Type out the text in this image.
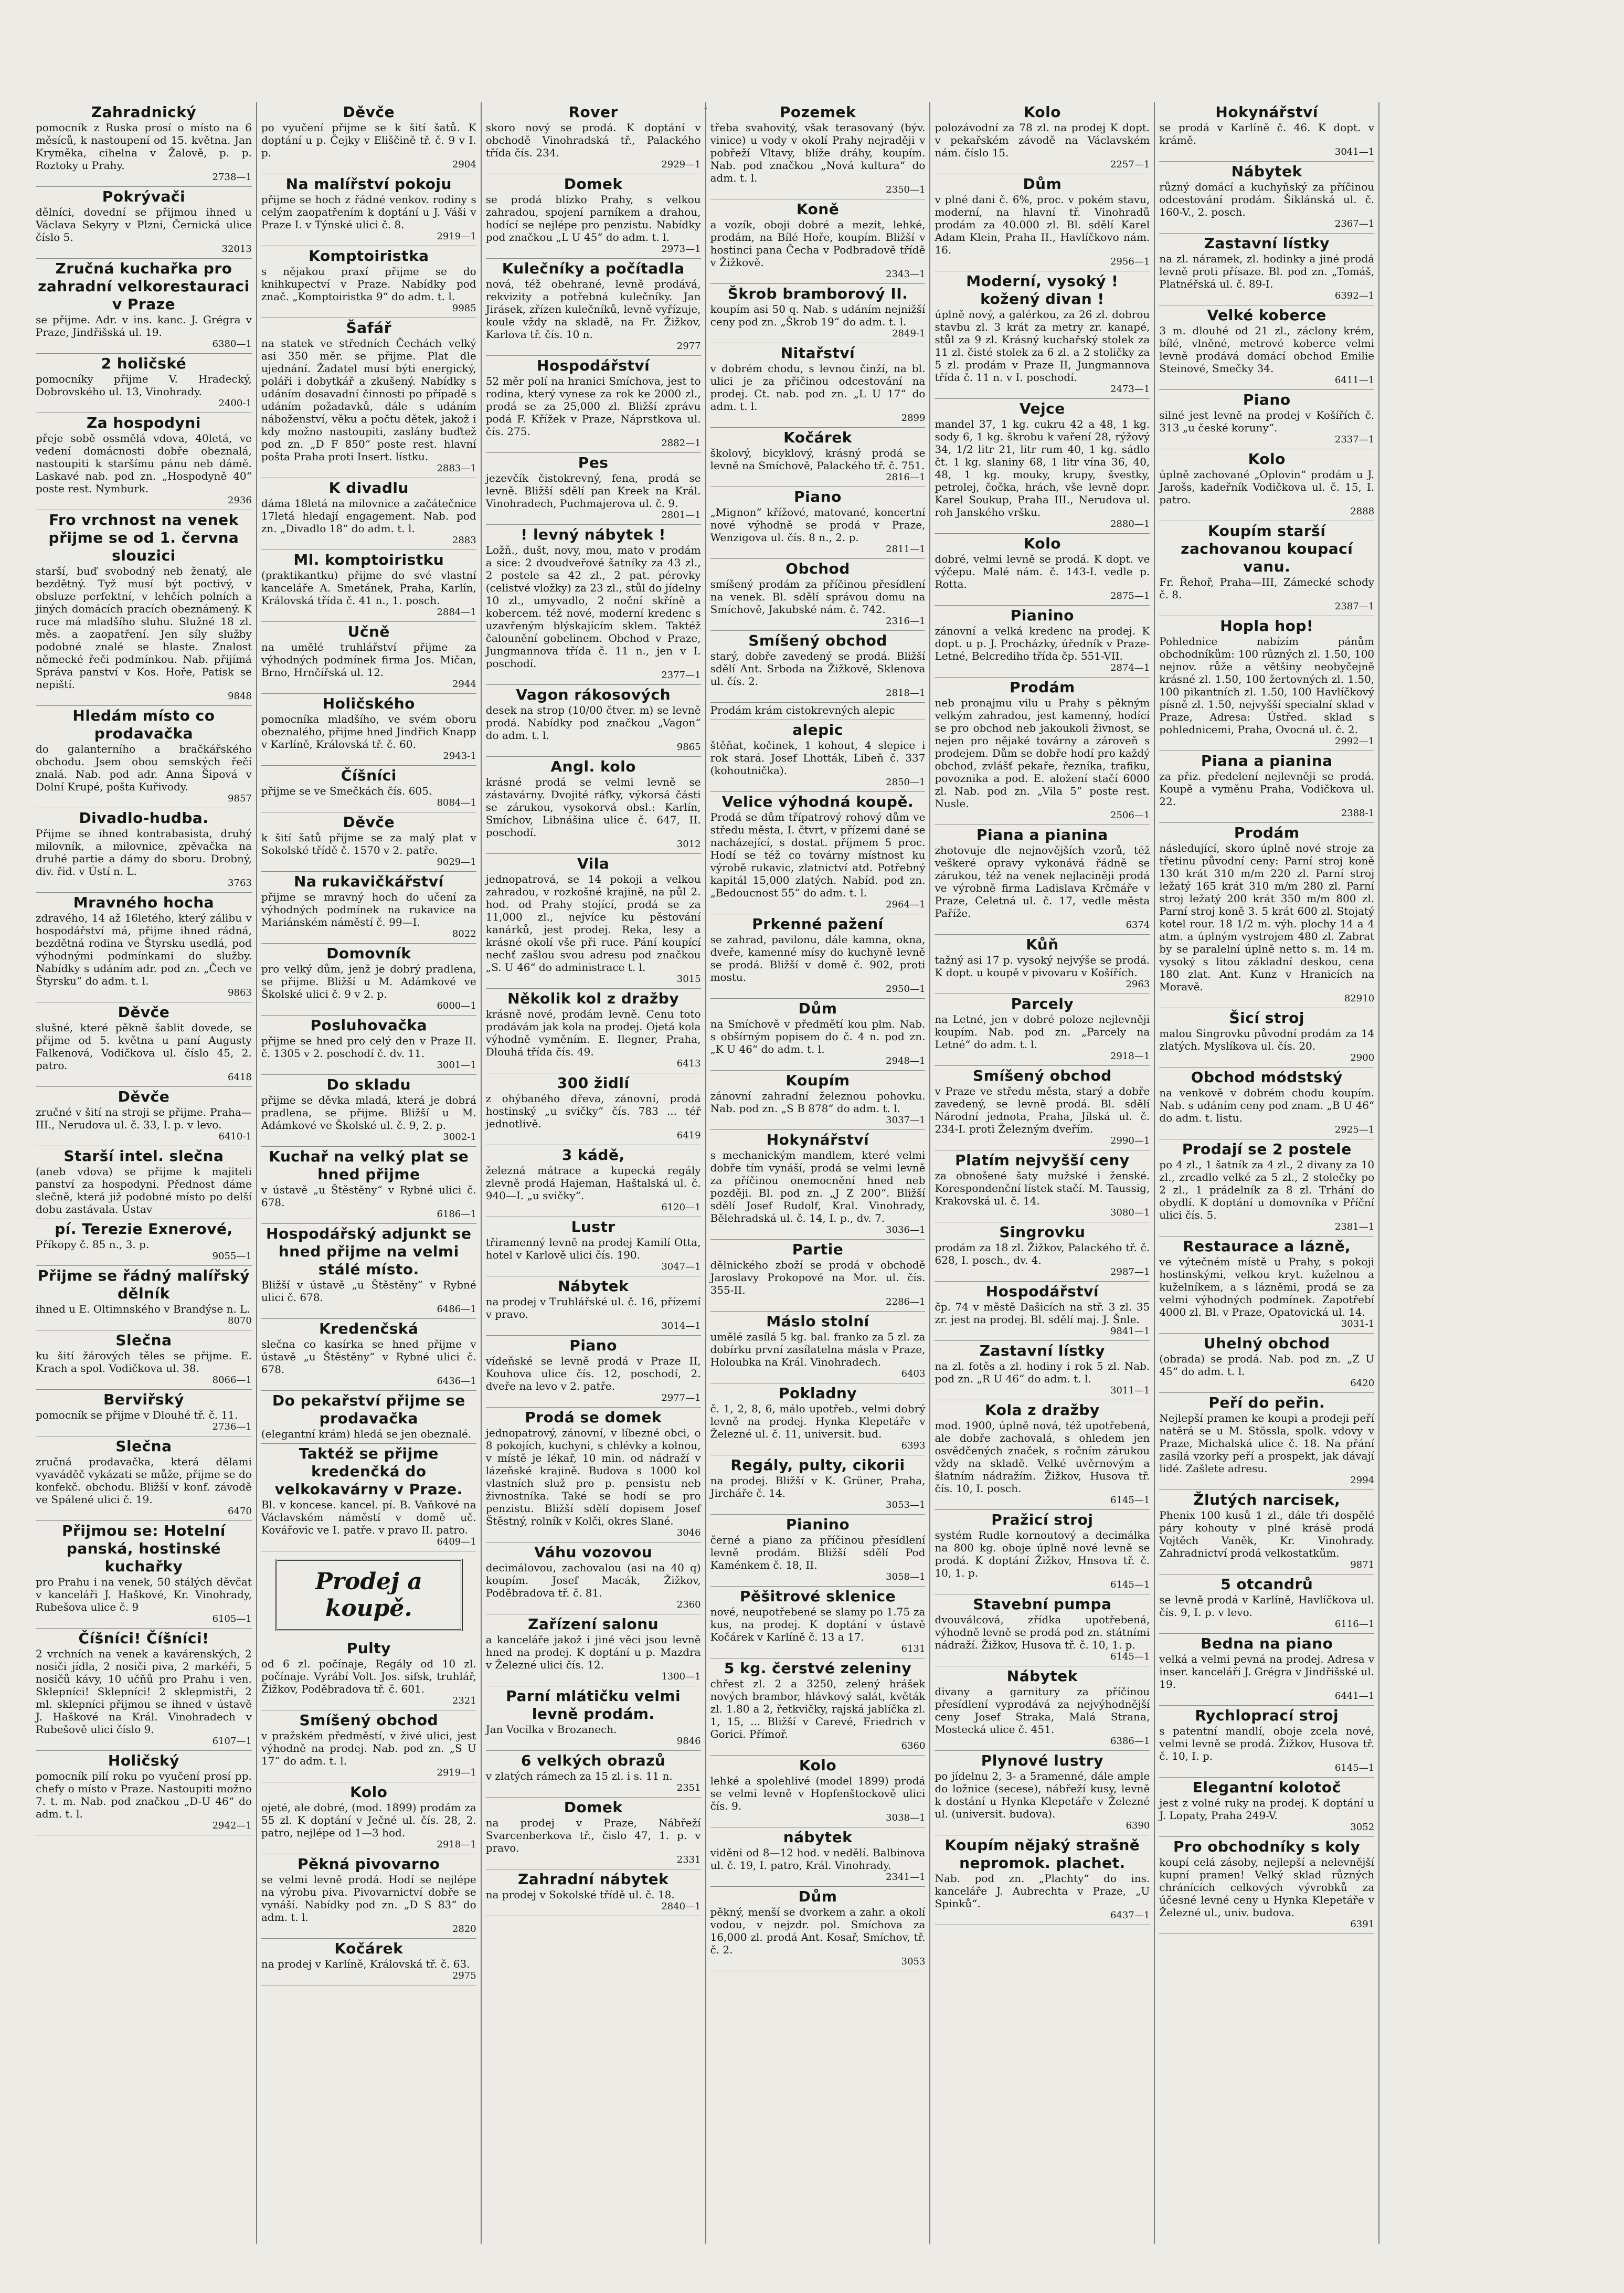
·
Zahradnický

pomocník z Ruska prosí o místo na 6 měsíců, k nastoupení od 15. května. Jan Kryměka, cihelna v Žalově, p. p. Roztoky u Prahy.

2738—1

Pokrývači

dělníci, dovední se přijmou ihned u Václava Sekyry v Plzni, Černická ulice číslo 5.

32013

Zručná kuchařka pro zahradní velkorestauraci v Praze

se přijme. Adr. v ins. kanc. J. Grégra v Praze, Jindřišská ul. 19.

6380—1

2 holičské

pomocníky přijme V. Hradecký, Dobrovského ul. 13, Vinohrady.

2400-1

Za hospodyni

přeje sobě ossmělá vdova, 40letá, ve vedení domácnosti dobře obeznalá, nastoupiti k staršímu pánu neb dámě. Laskavé nab. pod zn. „Hospodyně 40“ poste rest. Nymburk.

2936

Fro vrchnost na venek přijme se od 1. června slouzici

starší, buď svobodný neb ženatý, ale bezdětný. Tyž musí být poctivý, v obsluze perfektní, v lehčích polních a jiných domácích pracích obeznámený. K ruce má mladšího sluhu. Služné 18 zl. měs. a zaopatření. Jen síly služby podobné znalé se hlaste. Znalost německé řeči podmínkou. Nab. přijímá Správa panství v Kos. Hoře, Patisk se nepiští.

9848

Hledám místo co prodavačka

do galanterního a bračkářského obchodu. Jsem obou semských řečí znalá. Nab. pod adr. Anna Šipová v Dolní Krupé, pošta Kuřivody.

9857

Divadlo-hudba.

Přijme se ihned kontrabasista, druhý milovník, a milovnice, zpěvačka na druhé partie a dámy do sboru. Drobný, div. řid. v Ústí n. L.

3763

Mravného hocha

zdravého, 14 až 16letého, který zálibu v hospodářství má, přijme ihned rádná, bezdětná rodina ve Štyrsku usedlá, pod výhodnými podmínkami do služby. Nabídky s udáním adr. pod zn. „Čech ve Štyrsku“ do adm. t. l.

9863

Děvče

slušné, které pěkně šablit dovede, se přijme od 5. května u paní Augusty Falkenová, Vodičkova ul. číslo 45, 2. patro.

6418

Děvče

zručné v šití na stroji se přijme. Praha—III., Nerudova ul. č. 33, I. p. v levo.

6410-1

Starší intel. slečna

(aneb vdova) se přijme k majiteli panství za hospodyni. Přednost dáme slečně, která již podobné místo po delší dobu zastávala. Ústav

pí. Terezie Exnerové,

Příkopy č. 85 n., 3. p.

9055—1

Přijme se řádný malířský dělník

ihned u E. Oltimnského v Brandýse n. L.

8070

Slečna

ku šití žárových těles se přijme. E. Krach a spol. Vodičkova ul. 38.

8066—1

Berviřský

pomocník se přijme v Dlouhé tř. č. 11.

2736—1

Slečna

zručná prodavačka, která dělami vyaváděč vykázati se může, přijme se do konfekč. obchodu. Bližší v konf. závodě ve Spálené ulici č. 19.

6470

Přijmou se: Hotelní panská, hostinské kuchařky

pro Prahu i na venek, 50 stálých děvčat v kanceláři J. Haškové, Kr. Vinohrady, Rubešova ulice č. 9

6105—1

Číšníci! Číšníci!

2 vrchních na venek a kavárenských, 2 nosiči jídla, 2 nosiči piva, 2 markéři, 5 nosičů kávy, 10 učňů pro Prahu i ven. Sklepníci! Sklepníci! 2 sklepmistři, 2 ml. sklepníci přijmou se ihned v ústavě J. Haškové na Král. Vinohradech v Rubešově ulici číslo 9.

6107—1

Holičský

pomocník pilí roku po vyučení prosí pp. chefy o místo v Praze. Nastoupiti možno 7. t. m. Nab. pod značkou „D-U 46“ do adm. t. l.

2942—1

Děvče

po vyučení přijme se k šití šatů. K doptání u p. Čejky v Eliščině tř. č. 9 v I. p.

2904

Na malířství pokoju

přijme se hoch z řádné venkov. rodiny s celým zaopatřením k doptání u J. Váši v Praze I. v Týnské ulici č. 8.

2919—1

Komptoiristka

s nějakou praxí přijme se do knihkupectví v Praze. Nabídky pod znač. „Komptoiristka 9“ do adm. t. l.

9985

Šafář

na statek ve středních Čechách velký asi 350 měr. se přijme. Plat dle ujednání. Žadatel musí býti energický, poláři i dobytkář a zkušený. Nabídky s udáním dosavadní činnosti po případě s udáním požadavků, dále s udáním náboženství, věku a počtu dětek, jakož i kdy možno nastoupiti, zaslány buďtež pod zn. „D F 850“ poste rest. hlavní pošta Praha proti Insert. lístku.

2883—1

K divadlu

dáma 18letá na milovnice a začátečnice 17letá hledají engagement. Nab. pod zn. „Divadlo 18“ do adm. t. l.

2883

Ml. komptoiristku

(praktikantku) přijme do své vlastní kanceláře A. Smetánek, Praha, Karlín, Královská třída č. 41 n., 1. posch.

2884—1

Učně

na umělé truhlářství přijme za výhodných podmínek firma Jos. Mičan, Brno, Hrnčířská ul. 12.

2944

Holičského

pomocníka mladšího, ve svém oboru obeznalého, přijme hned Jindřich Knapp v Karlíně, Královská tř. č. 60.

2943-1

Číšníci

přijme se ve Smečkách čís. 605.

8084—1

Děvče

k šití šatů přijme se za malý plat v Sokolské třídě č. 1570 v 2. patře.

9029—1

Na rukavičkářství

přijme se mravný hoch do učení za výhodných podmínek na rukavice na Mariánském náměstí č. 99—I.

8022

Domovník

pro velký dům, jenž je dobrý pradlena, se přijme. Bližší u M. Adámkové ve Školské ulici č. 9 v 2. p.

6000—1

Posluhovačka

přijme se hned pro celý den v Praze II. č. 1305 v 2. poschodí č. dv. 11.

3001—1

Do skladu

přijme se děvka mladá, která je dobrá pradlena, se přijme. Bližší u M. Adámkové ve Školské ul. č. 9, 2. p.

3002-1

Kuchař na velký plat se hned přijme

v ústavě „u Štěstěny“ v Rybné ulici č. 678.

6186—1

Hospodářský adjunkt se hned přijme na velmi stálé místo.

Bližší v ústavě „u Štěstěny“ v Rybné ulici č. 678.

6486—1

Kredenčská

slečna co kasírka se hned přijme v ústavě „u Štěstěny“ v Rybné ulici č. 678.

6436—1

Do pekařství přijme se prodavačka

(elegantní krám) hledá se jen obeznalé.

Taktéž se přijme kredenčká do velkokavárny v Praze.

Bl. v koncese. kancel. pí. B. Vaňkové na Václavském náměstí v domě uč. Kovářovic ve I. patře. v pravo II. patro.

6409—1

Prodej a koupě.
Pulty

od 6 zl. počínaje, Regály od 10 zl. počínaje. Vyrábí Volt. Jos. sifsk, truhlář, Žižkov, Poděbradova tř. č. 601.

2321

Smíšený obchod

v pražském předměstí, v živé ulici, jest výhodně na prodej. Nab. pod zn. „S U 17“ do adm. t. l.

2919—1

Kolo

ojeté, ale dobré, (mod. 1899) prodám za 55 zl. K doptání v Ječné ul. čís. 28, 2. patro, nejlépe od 1—3 hod.

2918—1

Pěkná pivovarno

se velmi levně prodá. Hodí se nejlépe na výrobu piva. Pivovarnictví dobře se vynáší. Nabídky pod zn. „D S 83“ do adm. t. l.

2820

Kočárek

na prodej v Karlíně, Královská tř. č. 63.

2975

Rover

skoro nový se prodá. K doptání v obchodě Vinohradská tř., Palackého třída čís. 234.

2929—1

Domek

se prodá blízko Prahy, s velkou zahradou, spojení parníkem a drahou, hodící se nejlépe pro penzistu. Nabídky pod značkou „L U 45“ do adm. t. l.

2973—1

Kulečníky a počítadla

nová, též obehrané, levně prodává, rekvizity a potřebná kulečníky. Jan Jirásek, zřízen kulečníků, levně vyřízuje, koule vždy na skladě, na Fr. Žižkov, Karlova tř. čís. 10 n.

2977

Hospodářství

52 měr polí na hranici Smíchova, jest to rodina, který vynese za rok ke 2000 zl., prodá se za 25,000 zl. Bližší zprávu podá F. Křížek v Praze, Náprstkova ul. čís. 275.

2882—1

Pes

jezevčík čistokrevný, fena, prodá se levně. Bližší sdělí pan Kreek na Král. Vinohradech, Puchmajerova ul. č. 9.

2801—1

! levný nábytek !

Ložň., dušt, novy, mou, mato v prodám a sice: 2 dvoudveřové šatníky za 43 zl., 2 postele sa 42 zl., 2 pat. pérovky (celistvé vložky) za 23 zl., stůl do jídelny 10 zl., umyvadlo, 2 noční skříně a kobercem. též nové, moderní kredenc s uzavřeným blýskajícím sklem. Taktéž čalounění gobelinem. Obchod v Praze, Jungmannova třída č. 11 n., jen v I. poschodí.

2377—1

Vagon rákosových

desek na strop (10/00 čtver. m) se levně prodá. Nabídky pod značkou „Vagon“ do adm. t. l.

9865

Angl. kolo

krásné prodá se velmi levně se zástavárny. Dvojité ráfky, výkorsá části se zárukou, vysokorvá obsl.: Karlín, Smíchov, Libnášina ulice č. 647, II. poschodí.

3012

Vila

jednopatrová, se 14 pokoji a velkou zahradou, v rozkošné krajině, na půl 2. hod. od Prahy stojící, prodá se za 11,000 zl., nejvíce ku pěstování kanárků, jest prodej. Reka, lesy a krásné okolí vše při ruce. Pání koupící nechť zašlou svou adresu pod značkou „S. U 46“ do administrace t. l.

3015

Několik kol z dražby

krásně nové, prodám levně. Cenu toto prodávám jak kola na prodej. Ojetá kola výhodně vyměním. E. Ilegner, Praha, Dlouhá třída čís. 49.

6413

300 židlí

z ohýbaného dřeva, zánovní, prodá hostinský „u svičky“ čís. 783 ... téř jednotlivě.

6419

3 kádě,

železná mátrace a kupecká regály zlevně prodá Hajeman, Haštalská ul. č. 940—I. „u svičky“.

6120—1

Lustr

třiramenný levně na prodej Kamilí Otta, hotel v Karlově ulici čís. 190.

3047—1

Nábytek

na prodej v Truhlářské ul. č. 16, přízemí v pravo.

3014—1

Piano

vídeňské se levně prodá v Praze II, Kouhova ulice čís. 12, poschodí, 2. dveře na levo v 2. patře.

2977—1

Prodá se domek

jednopatrový, zánovní, v líbezné obci, o 8 pokojích, kuchyni, s chlévky a kolnou, v místě je lékař, 10 min. od nádraží v lázeňské krajině. Budova s 1000 kol vlastních služ pro p. pensistu neb živnostníka. Také se hodí se pro penzistu. Bližší sdělí dopisem Josef Štěstný, rolník v Kolči, okres Slané.

3046

Váhu vozovou

decimálovou, zachovalou (asi na 40 q) koupím. Josef Macák, Žižkov, Poděbradova tř. č. 81.

2360

Zařízení salonu

a kanceláře jakož i jiné věci jsou levně hned na prodej. K doptání u p. Mazdra v Železné ulici čís. 12.

1300—1

Parní mlátičku velmi levně prodám.

Jan Vocilka v Brozanech.

9846

6 velkých obrazů

v zlatých rámech za 15 zl. i s. 11 n.

2351

Domek

na prodej v Praze, Nábřeží Svarcenberkova tř., čislo 47, 1. p. v pravo.

2331

Zahradní nábytek

na prodej v Sokolské třídě ul. č. 18.

2840—1

Pozemek

třeba svahovitý, však terasovaný (býv. vinice) u vody v okolí Prahy nejraději v pobřeží Vltavy, blíže dráhy, koupím. Nab. pod značkou „Nová kultura“ do adm. t. l.

2350—1

Koně

a vozík, oboji dobré a mezit, lehké, prodám, na Bílé Hoře, koupím. Bližší v hostinci pana Čecha v Podbradově třídě v Žižkově.

2343—1

Škrob bramborový II.

koupím asi 50 q. Nab. s udáním nejnižší ceny pod zn. „Škrob 19“ do adm. t. l.

2849-1

Nitařství

v dobrém chodu, s levnou činží, na bl. ulici je za přičinou odcestování na prodej. Ct. nab. pod zn. „L U 17“ do adm. t. l.

2899

Kočárek

školový, bicyklový, krásný prodá se levně na Smíchově, Palackého tř. č. 751.

2816—1

Piano

„Mignon“ křížové, matované, koncertní nové výhodně se prodá v Praze, Wenzigova ul. čís. 8 n., 2. p.

2811—1

Obchod

smíšený prodám za příčinou přesídlení na venek. Bl. sdělí správou domu na Smíchově, Jakubské nám. č. 742.

2316—1

Smíšený obchod

starý, dobře zavedený se prodá. Bližší sdělí Ant. Srboda na Žižkově, Sklenova ul. čís. 2.

2818—1

Prodám krám cistokrevných alepic

alepic

štěňat, kočinek, 1 kohout, 4 slepice i rok stará. Josef Lhották, Libeň č. 337 (kohoutnička).

2850—1

Velice výhodná koupě.

Prodá se dům třípatrový rohový dům ve středu města, I. čtvrt, v přízemi dané se nacházející, s dostat. příjmem 5 proc. Hodí se též co továrny místnost ku výrobě rukavic, zlatnictví atd. Potřebný kapitál 15,000 zlatých. Nabíd. pod zn. „Bedoucnost 55“ do adm. t. l.

2964—1

Prkenné pažení

se zahrad, pavilonu, dále kamna, okna, dveře, kamenné mísy do kuchyně levně se prodá. Bližší v domě č. 902, proti mostu.

2950—1

Dům

na Smíchově v předmětí kou plm. Nab. s obšírným popisem do č. 4 n. pod zn. „K U 46“ do adm. t. l.

2948—1

Koupím

zánovní zahradní železnou pohovku. Nab. pod zn. „S B 878“ do adm. t. l.

3037—1

Hokynářství

s mechanickým mandlem, které velmi dobře tím vynáší, prodá se velmi levně za příčinou onemocnění hned neb později. Bl. pod zn. „J Z 200“. Bližší sdělí Josef Rudolf, Kral. Vinohrady, Bělehradská ul. č. 14, I. p., dv. 7.

3036—1

Partie

dělnického zboží se prodá v obchodě Jaroslavy Prokopové na Mor. ul. čís. 355-II.

2286—1

Máslo stolní

umělé zasílá 5 kg. bal. franko za 5 zl. za dobírku první zasílatelna másla v Praze, Holoubka na Král. Vinohradech.

6403

Pokladny

č. 1, 2, 8, 6, málo upotřeb., velmi dobrý levně na prodej. Hynka Klepetáře v Železné ul. č. 11, universit. bud.

6393

Regály, pulty, cikorii

na prodej. Bližší v K. Grüner, Praha, Jircháře č. 14.

3053—1

Pianino

černé a piano za příčinou přesídlení levně prodám. Bližší sdělí Pod Kaménkem č. 18, II.

3058—1

Pěšitrové sklenice

nové, neupotřebené se slamy po 1.75 za kus, na prodej. K doptání v ústavě Kočárek v Karlíně č. 13 a 17.

6131

5 kg. čerstvé zeleniny

chřest zl. 2 a 3250, zelený hrášek nových brambor, hlávkový salát, květák zl. 1.80 a 2, řetkvičky, rajská jablíčka zl. 1, 15, ... Bližší v Carevé, Friedrich v Gorici. Přímoř.

6360

Kolo

lehké a spolehlivé (model 1899) prodá se velmi levně v Hopfenštockově ulici čís. 9.

3038—1

nábytek

viděni od 8—12 hod. v nedělí. Balbinova ul. č. 19, I. patro, Král. Vinohrady.

2341—1

Dům

pěkný, menší se dvorkem a zahr. a okolí vodou, v nejzdr. pol. Smíchova za 16,000 zl. prodá Ant. Kosař, Smíchov, tř. č. 2.

3053

Kolo

polozávodní za 78 zl. na prodej K dopt. v pekařském závodě na Václavském nám. číslo 15.

2257—1

Dům

v plné dani č. 6%, proc. v pokém stavu, moderní, na hlavní tř. Vinohradů prodám za 40.000 zl. Bl. sdělí Karel Adam Klein, Praha II., Havlíčkovo nám. 16.

2956—1

Moderní, vysoký ! kožený divan !

úplně nový, a galérkou, za 26 zl. dobrou stavbu zl. 3 krát za metry zr. kanapé, stůl za 9 zl. Krásný kuchařský stolek za 11 zl. čisté stolek za 6 zl. a 2 stoličky za 5 zl. prodám v Praze II, Jungmannova třída č. 11 n. v I. poschodí.

2473—1

Vejce

mandel 37, 1 kg. cukru 42 a 48, 1 kg. sody 6, 1 kg. škrobu k vaření 28, rýžový 34, 1/2 litr 21, litr rum 40, 1 kg. sádlo čt. 1 kg. slaniny 68, 1 litr vína 36, 40, 48, 1 kg. mouky, krupy, švestky, petrolej, čočka, hrách, vše levně dopr. Karel Soukup, Praha III., Nerudova ul. roh Janského vršku.

2880—1

Kolo

dobré, velmi levně se prodá. K dopt. ve výčepu. Malé nám. č. 143-I. vedle p. Rotta.

2875—1

Pianino

zánovní a velká kredenc na prodej. K dopt. u p. J. Procházky, úředník v Praze-Letné, Belcrediho třída čp. 551-VII.

2874—1

Prodám

neb pronajmu vilu u Prahy s pěkným velkým zahradou, jest kamenný, hodící se pro obchod neb jakoukoli živnost, se nejen pro nějaké továrny a zároveň s prodejem. Dům se dobře hodí pro každý obchod, zvlášť pekaře, řezníka, trafiku, povoznika a pod. E. aložení stačí 6000 zl. Nab. pod zn. „Vila 5“ poste rest. Nusle.

2506—1

Piana a pianina

zhotovuje dle nejnovějších vzorů, též veškeré opravy vykonává řádně se zárukou, též na venek nejlaciněji prodá ve výrobně firma Ladislava Krčmáře v Praze, Celetná ul. č. 17, vedle města Paříže.

6374

Kůň

tažný asi 17 p. vysoký nejvýše se prodá. K dopt. u koupě v pivovaru v Košířích.

2963

Parcely

na Letné, jen v dobré poloze nejlevněji koupím. Nab. pod zn. „Parcely na Letné“ do adm. t. l.

2918—1

Smíšený obchod

v Praze ve středu města, starý a dobře zavedený, se levně prodá. Bl. sdělí Národní jednota, Praha, Jílská ul. č. 234-I. proti Železným dveřím.

2990—1

Platím nejvyšší ceny

za obnošené šaty mužské i ženské. Korespondenční lístek stačí. M. Taussig, Krakovská ul. č. 14.

3080—1

Singrovku

prodám za 18 zl. Žižkov, Palackého tř. č. 628, I. posch., dv. 4.

2987—1

Hospodářství

čp. 74 v městě Dašicích na stř. 3 zl. 35 zr. jest na prodej. Bl. sdělí maj. J. Šnle.

9841—1

Zastavní lístky

na zl. fotěs a zl. hodiny i rok 5 zl. Nab. pod zn. „R U 46“ do adm. t. l.

3011—1

Kola z dražby

mod. 1900, úplně nová, též upotřebená, ale dobře zachovalá, s ohledem jen osvědčených značek, s ročním zárukou vždy na skladě. Velké uvěrnovým a šlatním nádražím. Žižkov, Husova tř. čís. 10, I. posch.

6145—1

Pražicí stroj

systém Rudle kornoutový a decimálka na 800 kg. oboje úplně nové levně se prodá. K doptání Žižkov, Hnsova tř. č. 10, 1. p.

6145—1

Stavební pumpa

dvouválcová, zřídka upotřebená, výhodně levně se prodá pod zn. státními nádraží. Žižkov, Husova tř. č. 10, 1. p.

6145—1

Nábytek

divany a garnitury za příčinou přesídlení vyprodává za nejvýhodnější ceny Josef Straka, Malá Strana, Mostecká ulice č. 451.

6386—1

Plynové lustry

po jídelnu 2, 3- a 5ramenné, dále ample do ložnice (secese), nábřeží kusy, levně k dostání u Hynka Klepetáře v Železné ul. (universit. budova).

6390

Koupím nějaký strašně nepromok. plachet.

Nab. pod zn. „Plachty“ do ins. kanceláře J. Aubrechta v Praze, „U Spinků“.

6437—1

Hokynářství

se prodá v Karlíně č. 46. K dopt. v krámě.

3041—1

Nábytek

různý domácí a kuchyňský za příčinou odcestování prodám. Šiklánská ul. č. 160-V., 2. posch.

2367—1

Zastavní lístky

na zl. náramek, zl. hodinky a jiné prodá levně proti přísaze. Bl. pod zn. „Tomáš, Platnéřská ul. č. 89-I.

6392—1

Velké koberce

3 m. dlouhé od 21 zl., záclony krém, bílé, vlněné, metrové koberce velmi levně prodává domácí obchod Emilie Steinové, Smečky 34.

6411—1

Piano

silné jest levně na prodej v Košířích č. 313 „u české koruny“.

2337—1

Kolo

úplně zachované „Oplovin“ prodám u J. Jarošs, kadeřník Vodičkova ul. č. 15, I. patro.

2888

Koupím starší zachovanou koupací vanu.

Fr. Řehoř, Praha—III, Zámecké schody č. 8.

2387—1

Hopla hop!

Pohlednice nabízím pánům obchodníkům: 100 různých zl. 1.50, 100 nejnov. růže a většiny neobyčejně krásné zl. 1.50, 100 žertovných zl. 1.50, 100 pikantních zl. 1.50, 100 Havlíčkový písně zl. 1.50, nejvyšší specialní sklad v Praze, Adresa: Ústřed. sklad s pohlednicemi, Praha, Ovocná ul. č. 2.

2992—1

Piana a pianina

za přiz. předelení nejlevněji se prodá. Koupě a vyměnu Praha, Vodičkova ul. 22.

2388-1

Prodám

následující, skoro úplně nové stroje za třetinu původní ceny: Parní stroj koně 130 krát 310 m/m 220 zl. Parní stroj ležatý 165 krát 310 m/m 280 zl. Parní stroj ležatý 200 krát 350 m/m 800 zl. Parní stroj koně 3. 5 krát 600 zl. Stojatý kotel rour. 18 1/2 m. výh. plochy 14 a 4 atm. a úplným vystrojem 480 zl. Zabrat by se paralelní úplně netto s. m. 14 m. vysoký s litou základní deskou, cena 180 zlat. Ant. Kunz v Hranicích na Moravě.

82910

Šicí stroj

malou Singrovku původní prodám za 14 zlatých. Myslíkova ul. čís. 20.

2900

Obchod módstský

na venkově v dobrém chodu koupím. Nab. s udáním ceny pod znam. „B U 46“ do adm. t. listu.

2925—1

Prodají se 2 postele

po 4 zl., 1 šatník za 4 zl., 2 divany za 10 zl., zrcadlo velké za 5 zl., 2 stolečky po 2 zl., 1 prádelník za 8 zl. Trhání do obydlí. K doptání u domovníka v Příční ulici čís. 5.

2381—1

Restaurace a lázně,

ve výtečném místě u Prahy, s pokoji hostinskými, velkou kryt. kuželnou a kuželníkem, a s lázněmi, prodá se za velmi výhodných podmínek. Zapotřebí 4000 zl. Bl. v Praze, Opatovická ul. 14.

3031-1

Uhelný obchod

(obrada) se prodá. Nab. pod zn. „Z U 45“ do adm. t. l.

6420

Peří do peřin.

Nejlepší pramen ke koupi a prodeji peří natěrá se u M. Stössla, spolk. vdovy v Praze, Michalská ulice č. 18. Na přání zasílá vzorky peří a prospekt, jak dávají lidé. Zašlete adresu.

2994

Žlutých narcisek,

Phenix 100 kusů 1 zl., dále tři dospělé páry kohouty v plné krásě prodá Vojtěch Vaněk, Kr. Vinohrady. Zahradnictví prodá velkostatkům.

9871

5 otcandrů

se levně prodá v Karlíně, Havlíčkova ul. čís. 9, I. p. v levo.

6116—1

Bedna na piano

velká a velmi pevná na prodej. Adresa v inser. kanceláři J. Grégra v Jindřišské ul. 19.

6441—1

Rychloprací stroj

s patentní mandlí, oboje zcela nové, velmi levně se prodá. Žižkov, Husova tř. č. 10, I. p.

6145—1

Elegantní kolotoč

jest z volné ruky na prodej. K doptání u J. Lopaty, Praha 249-V.

3052

Pro obchodníky s koly

koupí celá zásoby, nejlepší a nelevnější kupní pramen! Velký sklad různých chránících celkových vývrobků za účesné levné ceny u Hynka Klepetáře v Železné ul., univ. budova.

6391
